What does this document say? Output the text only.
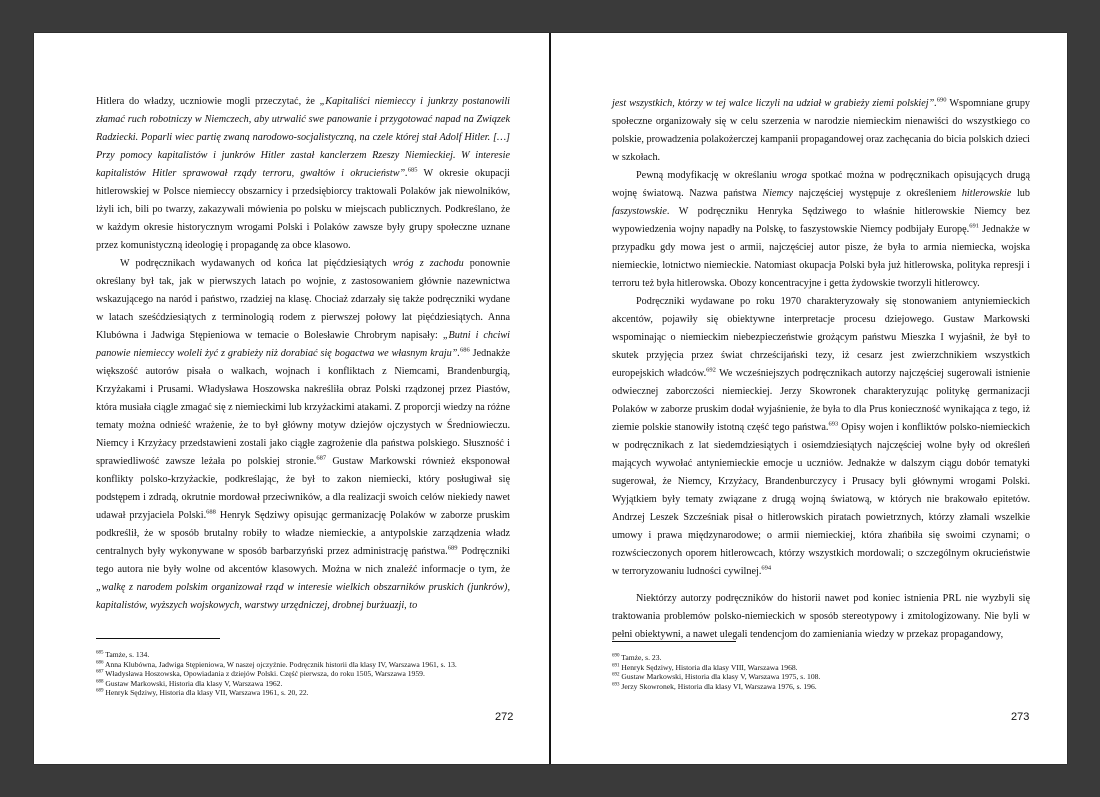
Hitlera do władzy, uczniowie mogli przeczytać, że „Kapitaliści niemieccy i junkrzy postanowili złamać ruch robotniczy w Niemczech, aby utrwalić swe panowanie i przygotować napad na Związek Radziecki. Poparli wiec partię zwaną narodowo-socjalistyczną, na czele której stał Adolf Hitler. […] Przy pomocy kapitalistów i junkrów Hitler zastał kanclerzem Rzeszy Niemieckiej. W interesie kapitalistów Hitler sprawował rządy terroru, gwałtów i okrucieństw”.$^{685}$ W okresie okupacji hitlerowskiej w Polsce niemieccy obszarnicy i przedsiębiorcy traktowali Polaków jak niewolników, lżyli ich, bili po twarzy, zakazywali mówienia po polsku w miejscach publicznych. Podkreślano, że w każdym okresie historycznym wrogami Polski i Polaków zawsze były grupy społeczne uznane przez komunistyczną ideologię i propagandę za obce klasowo.

W podręcznikach wydawanych od końca lat pięćdziesiątych wróg z zachodu ponownie określany był tak, jak w pierwszych latach po wojnie, z zastosowaniem głównie nazewnictwa wskazującego na naród i państwo, rzadziej na klasę. Chociaż zdarzały się także podręczniki wydane w latach sześćdziesiątych z terminologią rodem z pierwszej połowy lat pięćdziesiątych. Anna Klubówna i Jadwiga Stępieniowa w temacie o Bolesławie Chrobrym napisały: „Butni i chciwi panowie niemieccy woleli żyć z grabieży niż dorabiać się bogactwa we własnym kraju”.$^{686}$ Jednakże większość autorów pisała o walkach, wojnach i konfliktach z Niemcami, Brandenburgią, Krzyżakami i Prusami. Władysława Hoszowska nakreśliła obraz Polski rządzonej przez Piastów, która musiała ciągle zmagać się z niemieckimi lub krzyżackimi atakami. Z proporcji wiedzy na różne tematy można odnieść wrażenie, że to był główny motyw dziejów ojczystych w Średniowieczu. Niemcy i Krzyżacy przedstawieni zostali jako ciągłe zagrożenie dla państwa polskiego. Słuszność i sprawiedliwość zawsze leżała po polskiej stronie.$^{687}$ Gustaw Markowski również eksponował konflikty polsko-krzyżackie, podkreślając, że był to zakon niemiecki, który posługiwał się podstępem i zdradą, okrutnie mordował przeciwników, a dla realizacji swoich celów niekiedy nawet udawał przyjaciela Polski.$^{688}$ Henryk Sędziwy opisując germanizację Polaków w zaborze pruskim podkreślił, że w sposób brutalny robiły to władze niemieckie, a antypolskie zarządzenia władz centralnych były wykonywane w sposób barbarzyński przez administrację państwa.$^{689}$ Podręczniki tego autora nie były wolne od akcentów klasowych. Można w nich znaleźć informacje o tym, że „walkę z narodem polskim organizował rząd w interesie wielkich obszarników pruskich (junkrów), kapitalistów, wyższych wojskowych, warstwy urzędniczej, drobnej burżuazji, to

$^{685}$ Tamże, s. 134.
$^{686}$ Anna Klubówna, Jadwiga Stępieniowa, W naszej ojczyźnie. Podręcznik historii dla klasy IV, Warszawa 1961, s. 13.
$^{687}$ Władysława Hoszowska, Opowiadania z dziejów Polski. Część pierwsza, do roku 1505, Warszawa 1959.
$^{688}$ Gustaw Markowski, Historia dla klasy V, Warszawa 1962.
$^{689}$ Henryk Sędziwy, Historia dla klasy VII, Warszawa 1961, s. 20, 22.
272

jest wszystkich, którzy w tej walce liczyli na udział w grabieży ziemi polskiej”.$^{690}$ Wspomniane grupy społeczne organizowały się w celu szerzenia w narodzie niemieckim nienawiści do wszystkiego co polskie, prowadzenia polakożerczej kampanii propagandowej oraz zachęcania do bicia polskich dzieci w szkołach.

Pewną modyfikację w określaniu wroga spotkać można w podręcznikach opisujących drugą wojnę światową. Nazwa państwa Niemcy najczęściej występuje z określeniem hitlerowskie lub faszystowskie. W podręczniku Henryka Sędziwego to właśnie hitlerowskie Niemcy bez wypowiedzenia wojny napadły na Polskę, to faszystowskie Niemcy podbijały Europę.$^{691}$ Jednakże w przypadku gdy mowa jest o armii, najczęściej autor pisze, że była to armia niemiecka, wojska niemieckie, lotnictwo niemieckie. Natomiast okupacja Polski była już hitlerowska, polityka represji i terroru też była hitlerowska. Obozy koncentracyjne i getta żydowskie tworzyli hitlerowcy.

Podręczniki wydawane po roku 1970 charakteryzowały się stonowaniem antyniemieckich akcentów, pojawiły się obiektywne interpretacje procesu dziejowego. Gustaw Markowski wspominając o niemieckim niebezpieczeństwie grożącym państwu Mieszka I wyjaśnił, że był to skutek przyjęcia przez świat chrześcijański tezy, iż cesarz jest zwierzchnikiem wszystkich europejskich władców.$^{692}$ We wcześniejszych podręcznikach autorzy najczęściej sugerowali istnienie odwiecznej zaborczości niemieckiej. Jerzy Skowronek charakteryzując politykę germanizacji Polaków w zaborze pruskim dodał wyjaśnienie, że była to dla Prus konieczność wynikająca z tego, iż ziemie polskie stanowiły istotną część tego państwa.$^{693}$ Opisy wojen i konfliktów polsko-niemieckich w podręcznikach z lat siedemdziesiątych i osiemdziesiątych najczęściej wolne były od określeń mających wywołać antyniemieckie emocje u uczniów. Jednakże w dalszym ciągu dobór tematyki sugerował, że Niemcy, Krzyżacy, Brandenburczycy i Prusacy byli głównymi wrogami Polski. Wyjątkiem były tematy związane z drugą wojną światową, w których nie brakowało epitetów. Andrzej Leszek Szcześniak pisał o hitlerowskich piratach powietrznych, którzy złamali wszelkie umowy i prawa międzynarodowe; o armii niemieckiej, która zhańbiła się swoimi czynami; o rozwścieczonych oporem hitlerowcach, którzy wszystkich mordowali; o szczególnym okrucieństwie w terroryzowaniu ludności cywilnej.$^{694}$

Niektórzy autorzy podręczników do historii nawet pod koniec istnienia PRL nie wyzbyli się traktowania problemów polsko-niemieckich w sposób stereotypowy i zmitologizowany. Nie byli w pełni obiektywni, a nawet ulegali tendencjom do zamieniania wiedzy w przekaz propagandowy,

$^{690}$ Tamże, s. 23.
$^{691}$ Henryk Sędziwy, Historia dla klasy VIII, Warszawa 1968.
$^{692}$ Gustaw Markowski, Historia dla klasy V, Warszawa 1975, s. 108.
$^{693}$ Jerzy Skowronek, Historia dla klasy VI, Warszawa 1976, s. 196.
273
